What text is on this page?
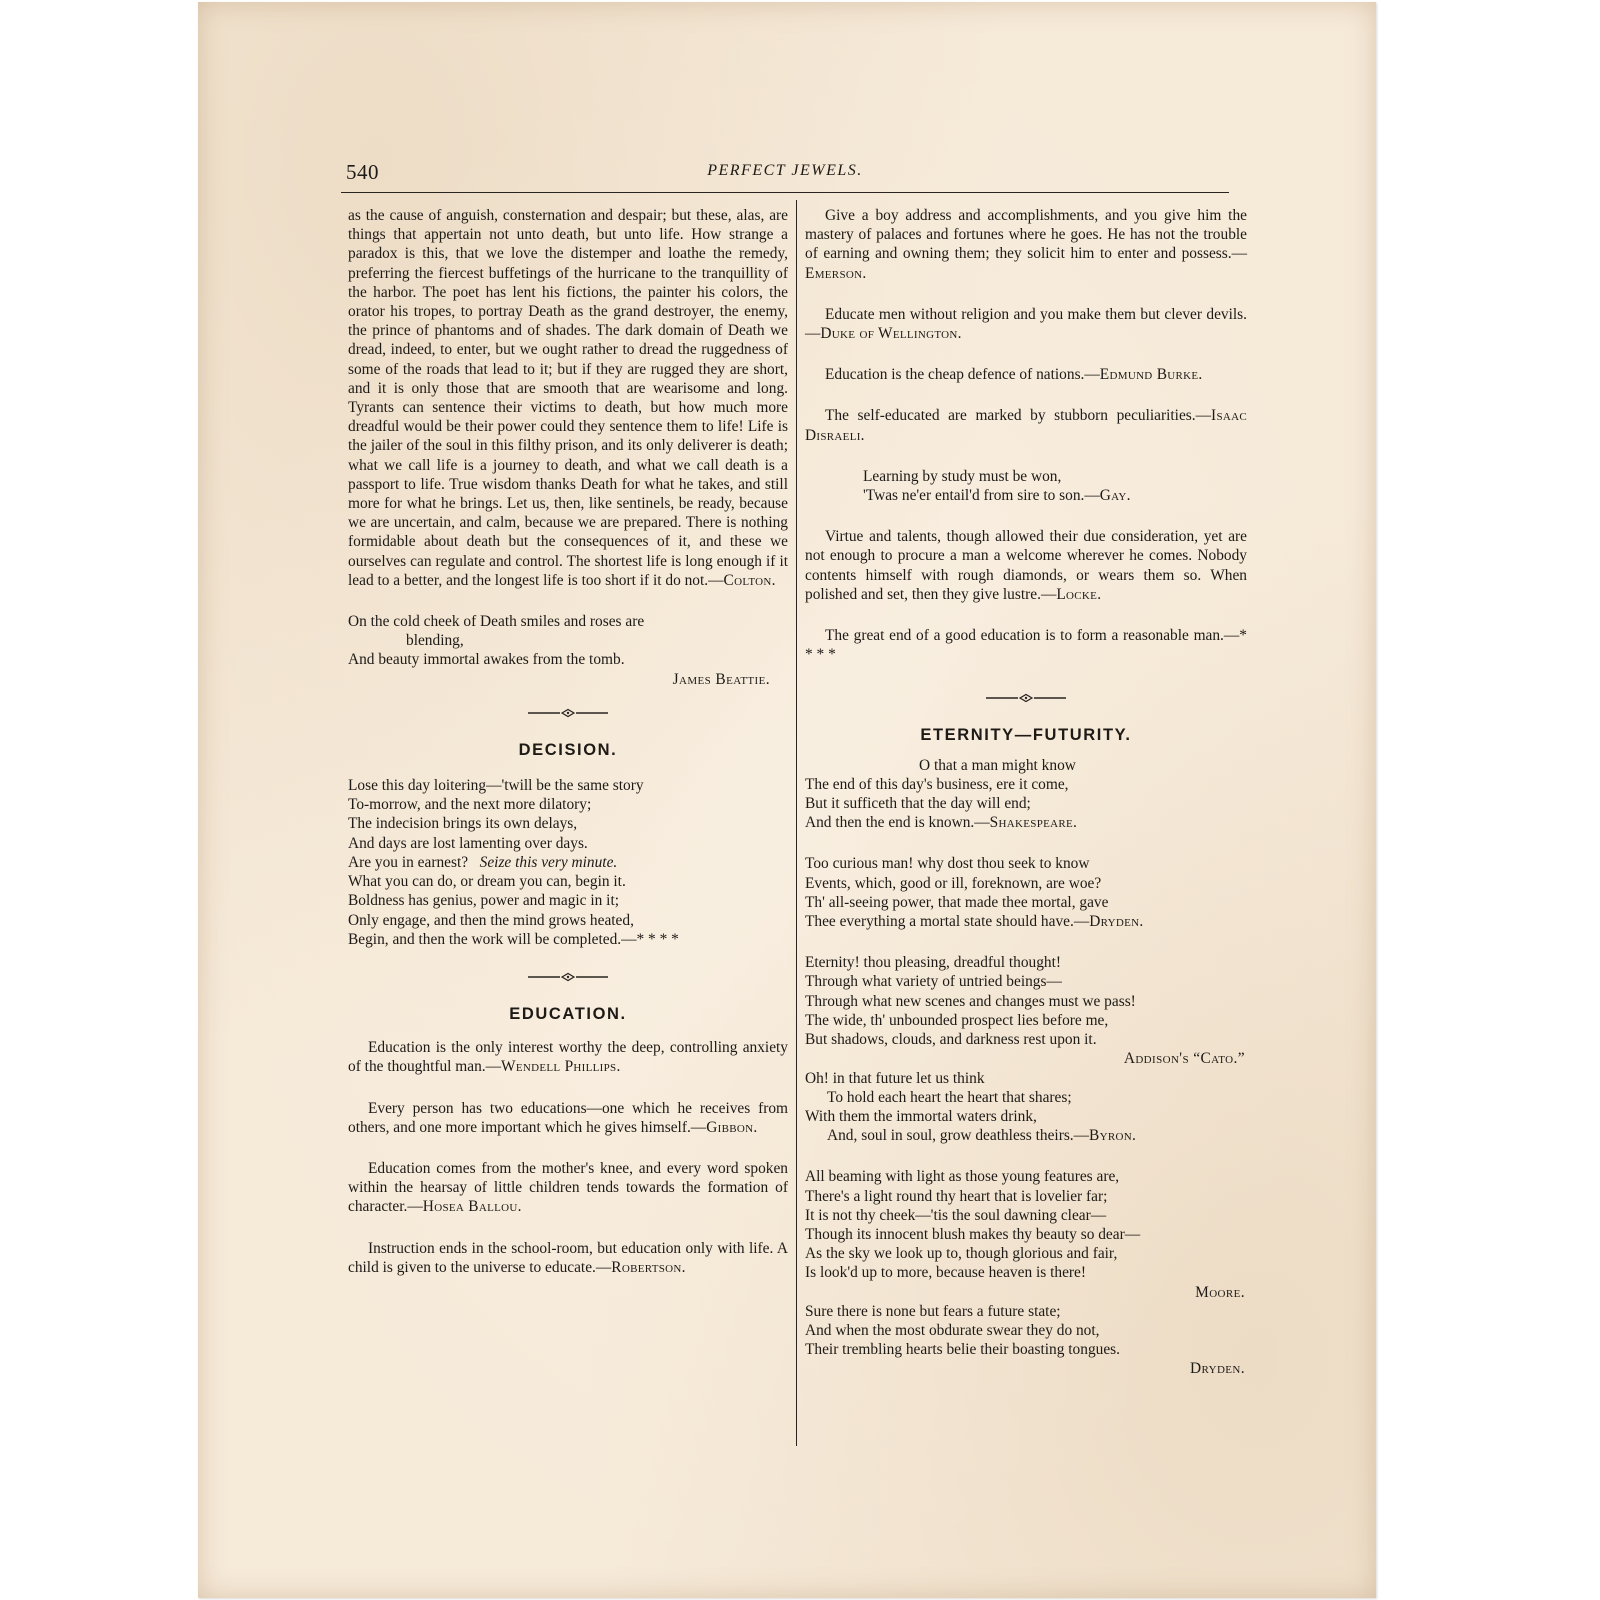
540	PERFECT JEWELS.

as the cause of anguish, consternation and despair; but these, alas, are things that appertain not unto death, but unto life. How strange a paradox is this, that we love the distemper and loathe the remedy, preferring the fiercest buffetings of the hurricane to the tranquillity of the harbor. The poet has lent his fictions, the painter his colors, the orator his tropes, to portray Death as the grand destroyer, the enemy, the prince of phantoms and of shades. The dark domain of Death we dread, indeed, to enter, but we ought rather to dread the ruggedness of some of the roads that lead to it; but if they are rugged they are short, and it is only those that are smooth that are wearisome and long. Tyrants can sentence their victims to death, but how much more dreadful would be their power could they sentence them to life! Life is the jailer of the soul in this filthy prison, and its only deliverer is death; what we call life is a journey to death, and what we call death is a passport to life. True wisdom thanks Death for what he takes, and still more for what he brings. Let us, then, like sentinels, be ready, because we are uncertain, and calm, because we are prepared. There is nothing formidable about death but the consequences of it, and these we ourselves can regulate and control. The shortest life is long enough if it lead to a better, and the longest life is too short if it do not.—Colton.

On the cold cheek of Death smiles and roses are
blending,
And beauty immortal awakes from the tomb.
James Beattie.
DECISION.
Lose this day loitering—'twill be the same story
To-morrow, and the next more dilatory;
The indecision brings its own delays,
And days are lost lamenting over days.
Are you in earnest? Seize this very minute.
What you can do, or dream you can, begin it.
Boldness has genius, power and magic in it;
Only engage, and then the mind grows heated,
Begin, and then the work will be completed.—* * * *
EDUCATION.

Education is the only interest worthy the deep, controlling anxiety of the thoughtful man.—Wendell Phillips.

Every person has two educations—one which he receives from others, and one more important which he gives himself.—Gibbon.

Education comes from the mother's knee, and every word spoken within the hearsay of little children tends towards the formation of character.—Hosea Ballou.

Instruction ends in the school-room, but education only with life. A child is given to the universe to educate.—Robertson.

Give a boy address and accomplishments, and you give him the mastery of palaces and fortunes where he goes. He has not the trouble of earning and owning them; they solicit him to enter and possess.—Emerson.

Educate men without religion and you make them but clever devils.—Duke of Wellington.

Education is the cheap defence of nations.—Edmund Burke.

The self-educated are marked by stubborn peculiarities.—Isaac Disraeli.

Learning by study must be won,
'Twas ne'er entail'd from sire to son.—Gay.

Virtue and talents, though allowed their due consideration, yet are not enough to procure a man a welcome wherever he comes. Nobody contents himself with rough diamonds, or wears them so. When polished and set, then they give lustre.—Locke.

The great end of a good education is to form a reasonable man.—* * * *

ETERNITY—FUTURITY.
O that a man might know
The end of this day's business, ere it come,
But it sufficeth that the day will end;
And then the end is known.—Shakespeare.
Too curious man! why dost thou seek to know
Events, which, good or ill, foreknown, are woe?
Th' all-seeing power, that made thee mortal, gave
Thee everything a mortal state should have.—Dryden.
Eternity! thou pleasing, dreadful thought!
Through what variety of untried beings—
Through what new scenes and changes must we pass!
The wide, th' unbounded prospect lies before me,
But shadows, clouds, and darkness rest upon it.
Addison's “Cato.”
Oh! in that future let us think
To hold each heart the heart that shares;
With them the immortal waters drink,
And, soul in soul, grow deathless theirs.—Byron.
All beaming with light as those young features are,
There's a light round thy heart that is lovelier far;
It is not thy cheek—'tis the soul dawning clear—
Though its innocent blush makes thy beauty so dear—
As the sky we look up to, though glorious and fair,
Is look'd up to more, because heaven is there!
Moore.
Sure there is none but fears a future state;
And when the most obdurate swear they do not,
Their trembling hearts belie their boasting tongues.
Dryden.
